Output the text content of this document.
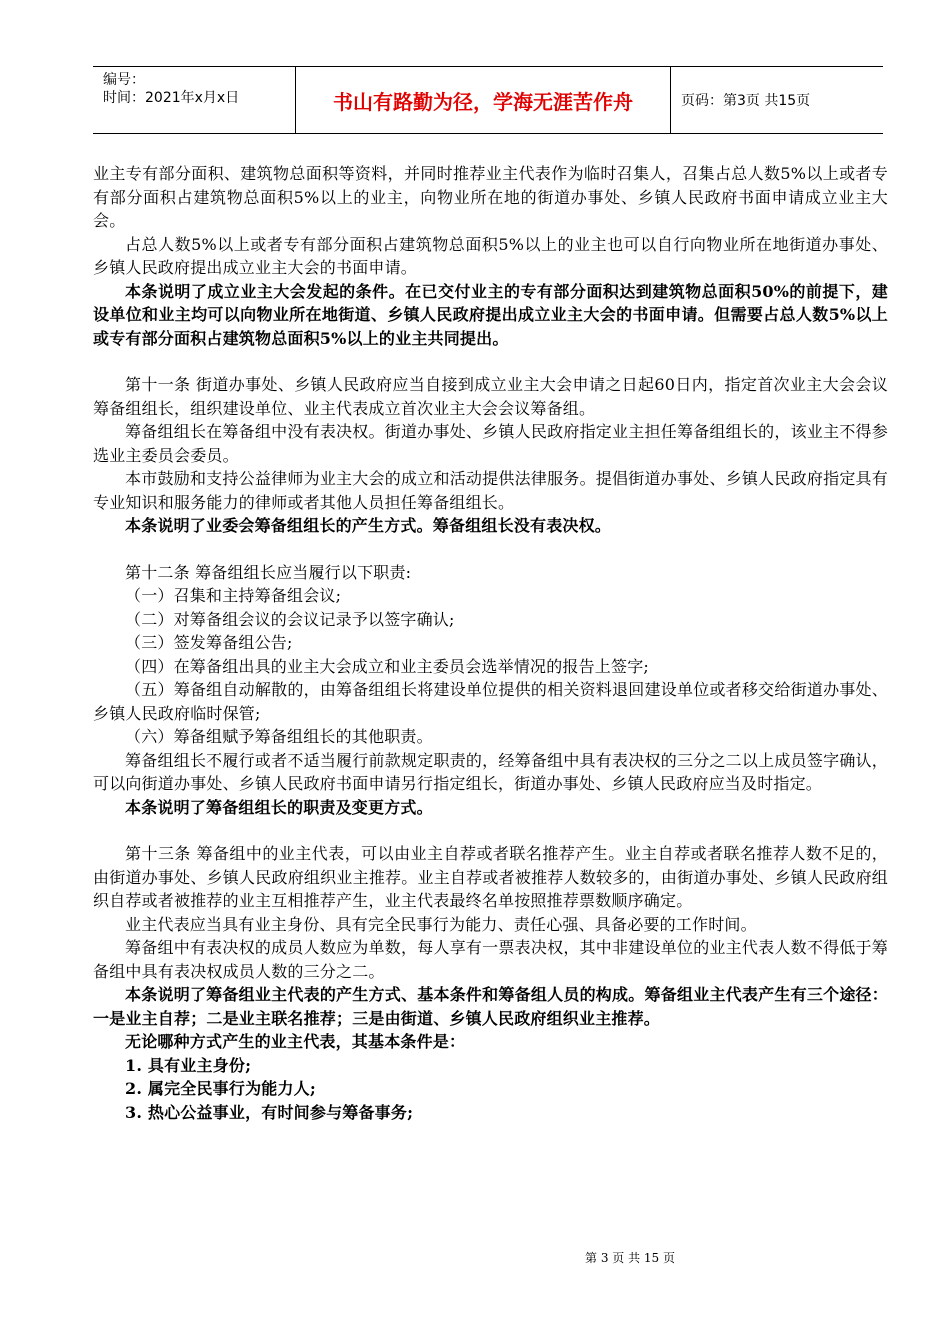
编号：
时间：2021年x月x日	书山有路勤为径，学海无涯苦作舟	页码：第3页 共15页

业主专有部分面积、建筑物总面积等资料，并同时推荐业主代表作为临时召集人，召集占总人数5%以上或者专有部分面积占建筑物总面积5%以上的业主，向物业所在地的街道办事处、乡镇人民政府书面申请成立业主大会。

占总人数5%以上或者专有部分面积占建筑物总面积5%以上的业主也可以自行向物业所在地街道办事处、乡镇人民政府提出成立业主大会的书面申请。

本条说明了成立业主大会发起的条件。在已交付业主的专有部分面积达到建筑物总面积50%的前提下，建设单位和业主均可以向物业所在地街道、乡镇人民政府提出成立业主大会的书面申请。但需要占总人数5%以上或专有部分面积占建筑物总面积5%以上的业主共同提出。

第十一条 街道办事处、乡镇人民政府应当自接到成立业主大会申请之日起60日内，指定首次业主大会会议筹备组组长，组织建设单位、业主代表成立首次业主大会会议筹备组。

筹备组组长在筹备组中没有表决权。街道办事处、乡镇人民政府指定业主担任筹备组组长的，该业主不得参选业主委员会委员。

本市鼓励和支持公益律师为业主大会的成立和活动提供法律服务。提倡街道办事处、乡镇人民政府指定具有专业知识和服务能力的律师或者其他人员担任筹备组组长。

本条说明了业委会筹备组组长的产生方式。筹备组组长没有表决权。

第十二条 筹备组组长应当履行以下职责:

（一）召集和主持筹备组会议;

（二）对筹备组会议的会议记录予以签字确认;

（三）签发筹备组公告;

（四）在筹备组出具的业主大会成立和业主委员会选举情况的报告上签字;

（五）筹备组自动解散的，由筹备组组长将建设单位提供的相关资料退回建设单位或者移交给街道办事处、乡镇人民政府临时保管;

（六）筹备组赋予筹备组组长的其他职责。

筹备组组长不履行或者不适当履行前款规定职责的，经筹备组中具有表决权的三分之二以上成员签字确认，可以向街道办事处、乡镇人民政府书面申请另行指定组长，街道办事处、乡镇人民政府应当及时指定。

本条说明了筹备组组长的职责及变更方式。

第十三条 筹备组中的业主代表，可以由业主自荐或者联名推荐产生。业主自荐或者联名推荐人数不足的，由街道办事处、乡镇人民政府组织业主推荐。业主自荐或者被推荐人数较多的，由街道办事处、乡镇人民政府组织自荐或者被推荐的业主互相推荐产生，业主代表最终名单按照推荐票数顺序确定。

业主代表应当具有业主身份、具有完全民事行为能力、责任心强、具备必要的工作时间。

筹备组中有表决权的成员人数应为单数，每人享有一票表决权，其中非建设单位的业主代表人数不得低于筹备组中具有表决权成员人数的三分之二。

本条说明了筹备组业主代表的产生方式、基本条件和筹备组人员的构成。筹备组业主代表产生有三个途径：一是业主自荐；二是业主联名推荐；三是由街道、乡镇人民政府组织业主推荐。

无论哪种方式产生的业主代表，其基本条件是：

1. 具有业主身份;

2. 属完全民事行为能力人;

3. 热心公益事业，有时间参与筹备事务;

第 3 页 共 15 页
